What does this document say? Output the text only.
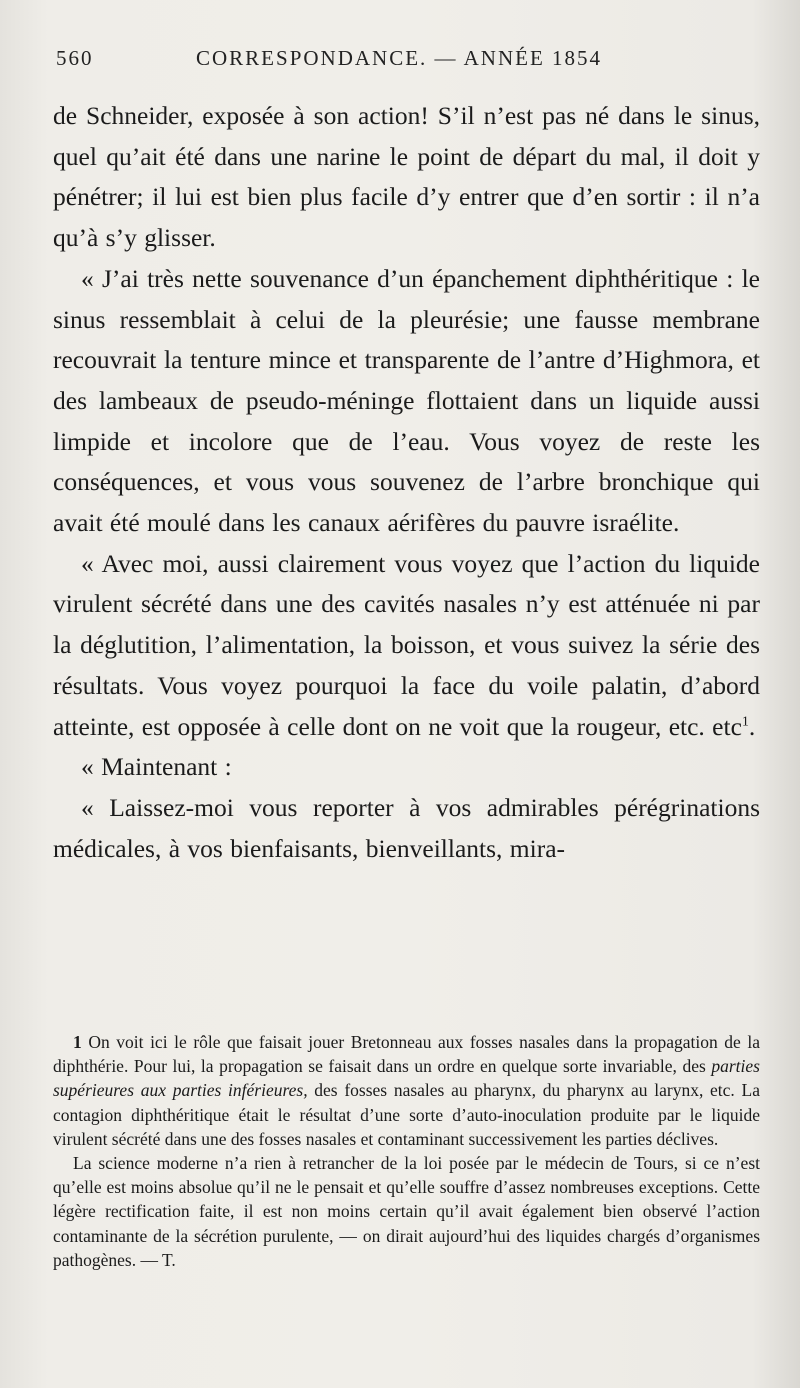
560	CORRESPONDANCE. — ANNÉE 1854

de Schneider, exposée à son action! S’il n’est pas né dans le sinus, quel qu’ait été dans une narine le point de départ du mal, il doit y pénétrer; il lui est bien plus facile d’y entrer que d’en sortir : il n’a qu’à s’y glisser.

« J’ai très nette souvenance d’un épanchement diphthéritique : le sinus ressemblait à celui de la pleurésie; une fausse membrane recouvrait la tenture mince et transparente de l’antre d’Highmora, et des lambeaux de pseudo-méninge flottaient dans un liquide aussi limpide et incolore que de l’eau. Vous voyez de reste les conséquences, et vous vous souvenez de l’arbre bronchique qui avait été moulé dans les canaux aérifères du pauvre israélite.

« Avec moi, aussi clairement vous voyez que l’action du liquide virulent sécrété dans une des cavités nasales n’y est atténuée ni par la déglutition, l’alimentation, la boisson, et vous suivez la série des résultats. Vous voyez pourquoi la face du voile palatin, d’abord atteinte, est opposée à celle dont on ne voit que la rougeur, etc. etc$^1$.

« Maintenant :

« Laissez-moi vous reporter à vos admirables pérégrinations médicales, à vos bienfaisants, bienveillants, mira-

1 On voit ici le rôle que faisait jouer Bretonneau aux fosses nasales dans la propagation de la diphthérie. Pour lui, la propagation se faisait dans un ordre en quelque sorte invariable, des parties supérieures aux parties inférieures, des fosses nasales au pharynx, du pharynx au larynx, etc. La contagion diphthéritique était le résultat d’une sorte d’auto-inoculation produite par le liquide virulent sécrété dans une des fosses nasales et contaminant successivement les parties déclives.

La science moderne n’a rien à retrancher de la loi posée par le médecin de Tours, si ce n’est qu’elle est moins absolue qu’il ne le pensait et qu’elle souffre d’assez nombreuses exceptions. Cette légère rectification faite, il est non moins certain qu’il avait également bien observé l’action contaminante de la sécrétion purulente, — on dirait aujourd’hui des liquides chargés d’organismes pathogènes. — T.
